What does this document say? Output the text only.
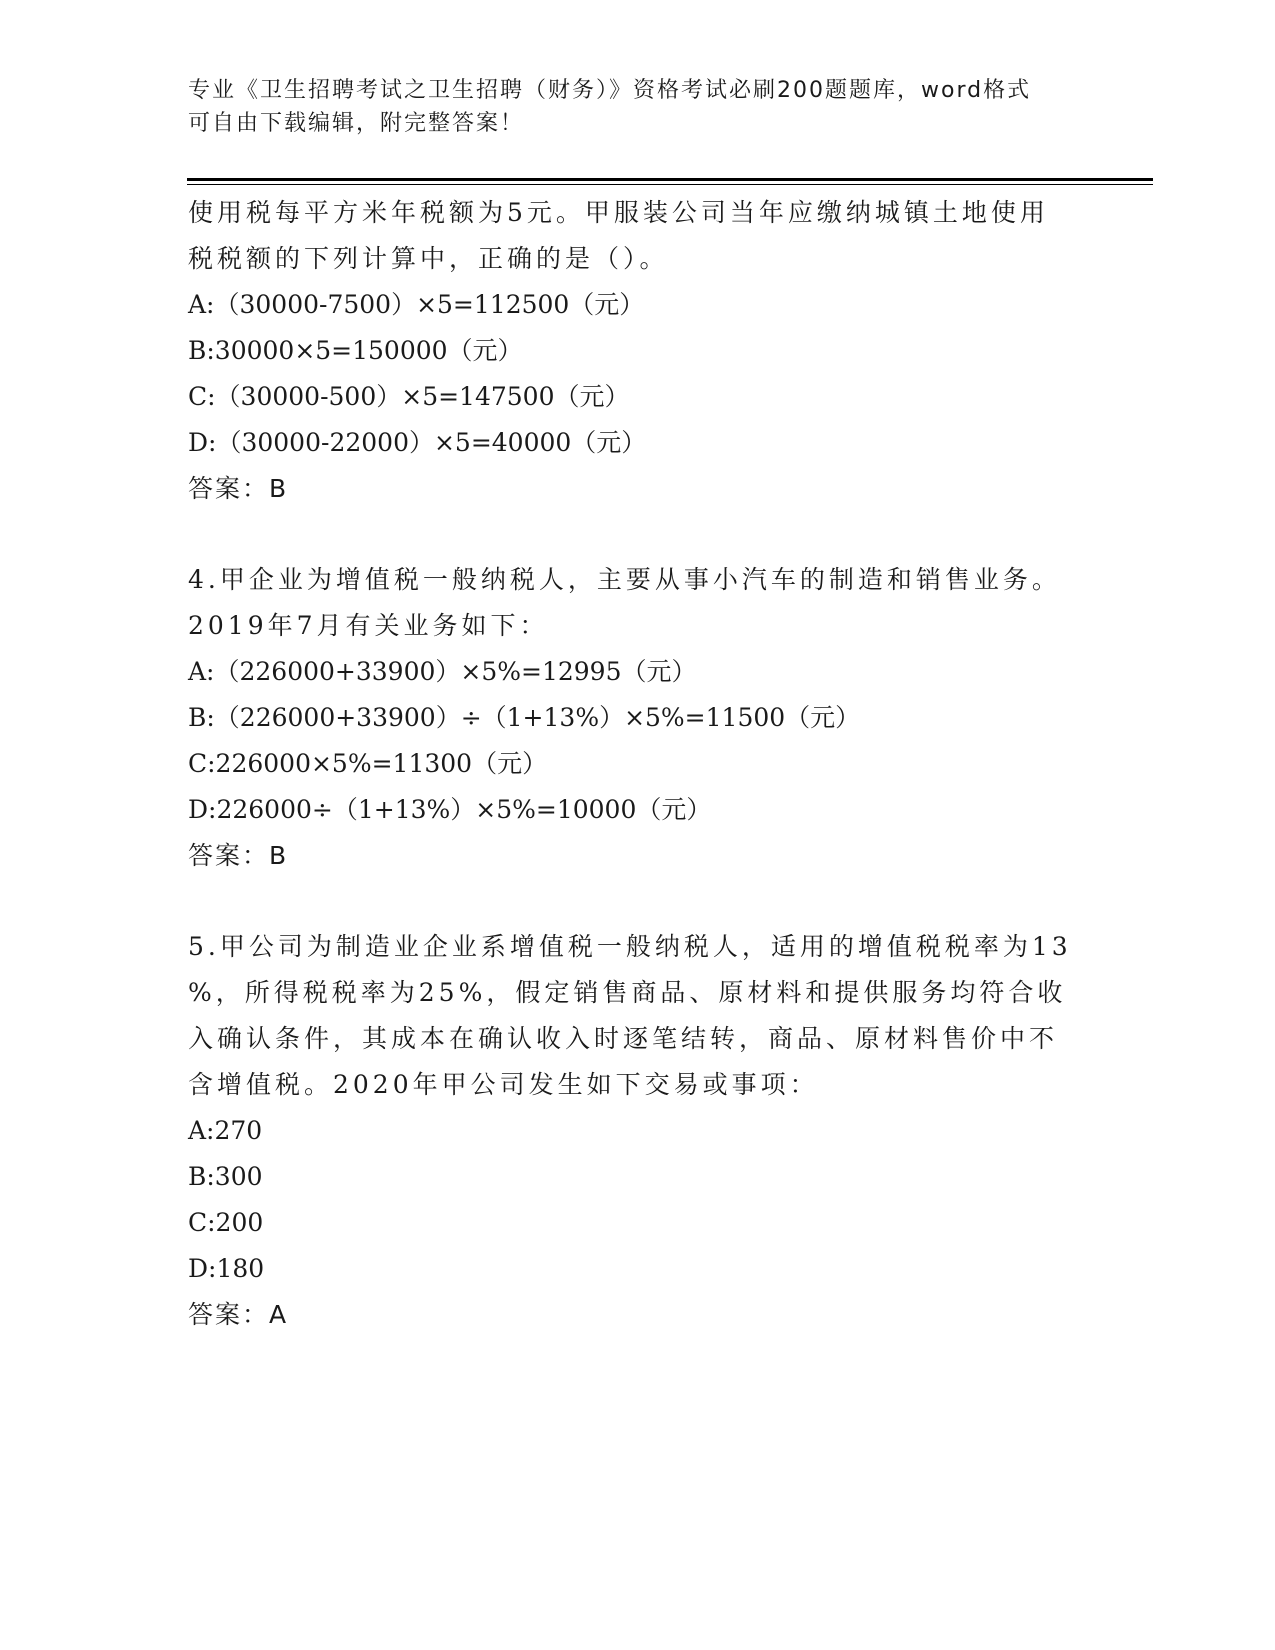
专业《卫生招聘考试之卫生招聘（财务）》资格考试必刷200题题库，word格式
可自由下载编辑，附完整答案！
使用税每平方米年税额为5元。甲服装公司当年应缴纳城镇土地使用
税税额的下列计算中，正确的是（）。
A:（30000-7500）×5=112500（元）
B:30000×5=150000（元）
C:（30000-500）×5=147500（元）
D:（30000-22000）×5=40000（元）
答案：B
4.甲企业为增值税一般纳税人，主要从事小汽车的制造和销售业务。
2019年7月有关业务如下：
A:（226000+33900）×5%=12995（元）
B:（226000+33900）÷（1+13%）×5%=11500（元）
C:226000×5%=11300（元）
D:226000÷（1+13%）×5%=10000（元）
答案：B
5.甲公司为制造业企业系增值税一般纳税人，适用的增值税税率为13
%，所得税税率为25%，假定销售商品、原材料和提供服务均符合收
入确认条件，其成本在确认收入时逐笔结转，商品、原材料售价中不
含增值税。2020年甲公司发生如下交易或事项：
A:270
B:300
C:200
D:180
答案：A
